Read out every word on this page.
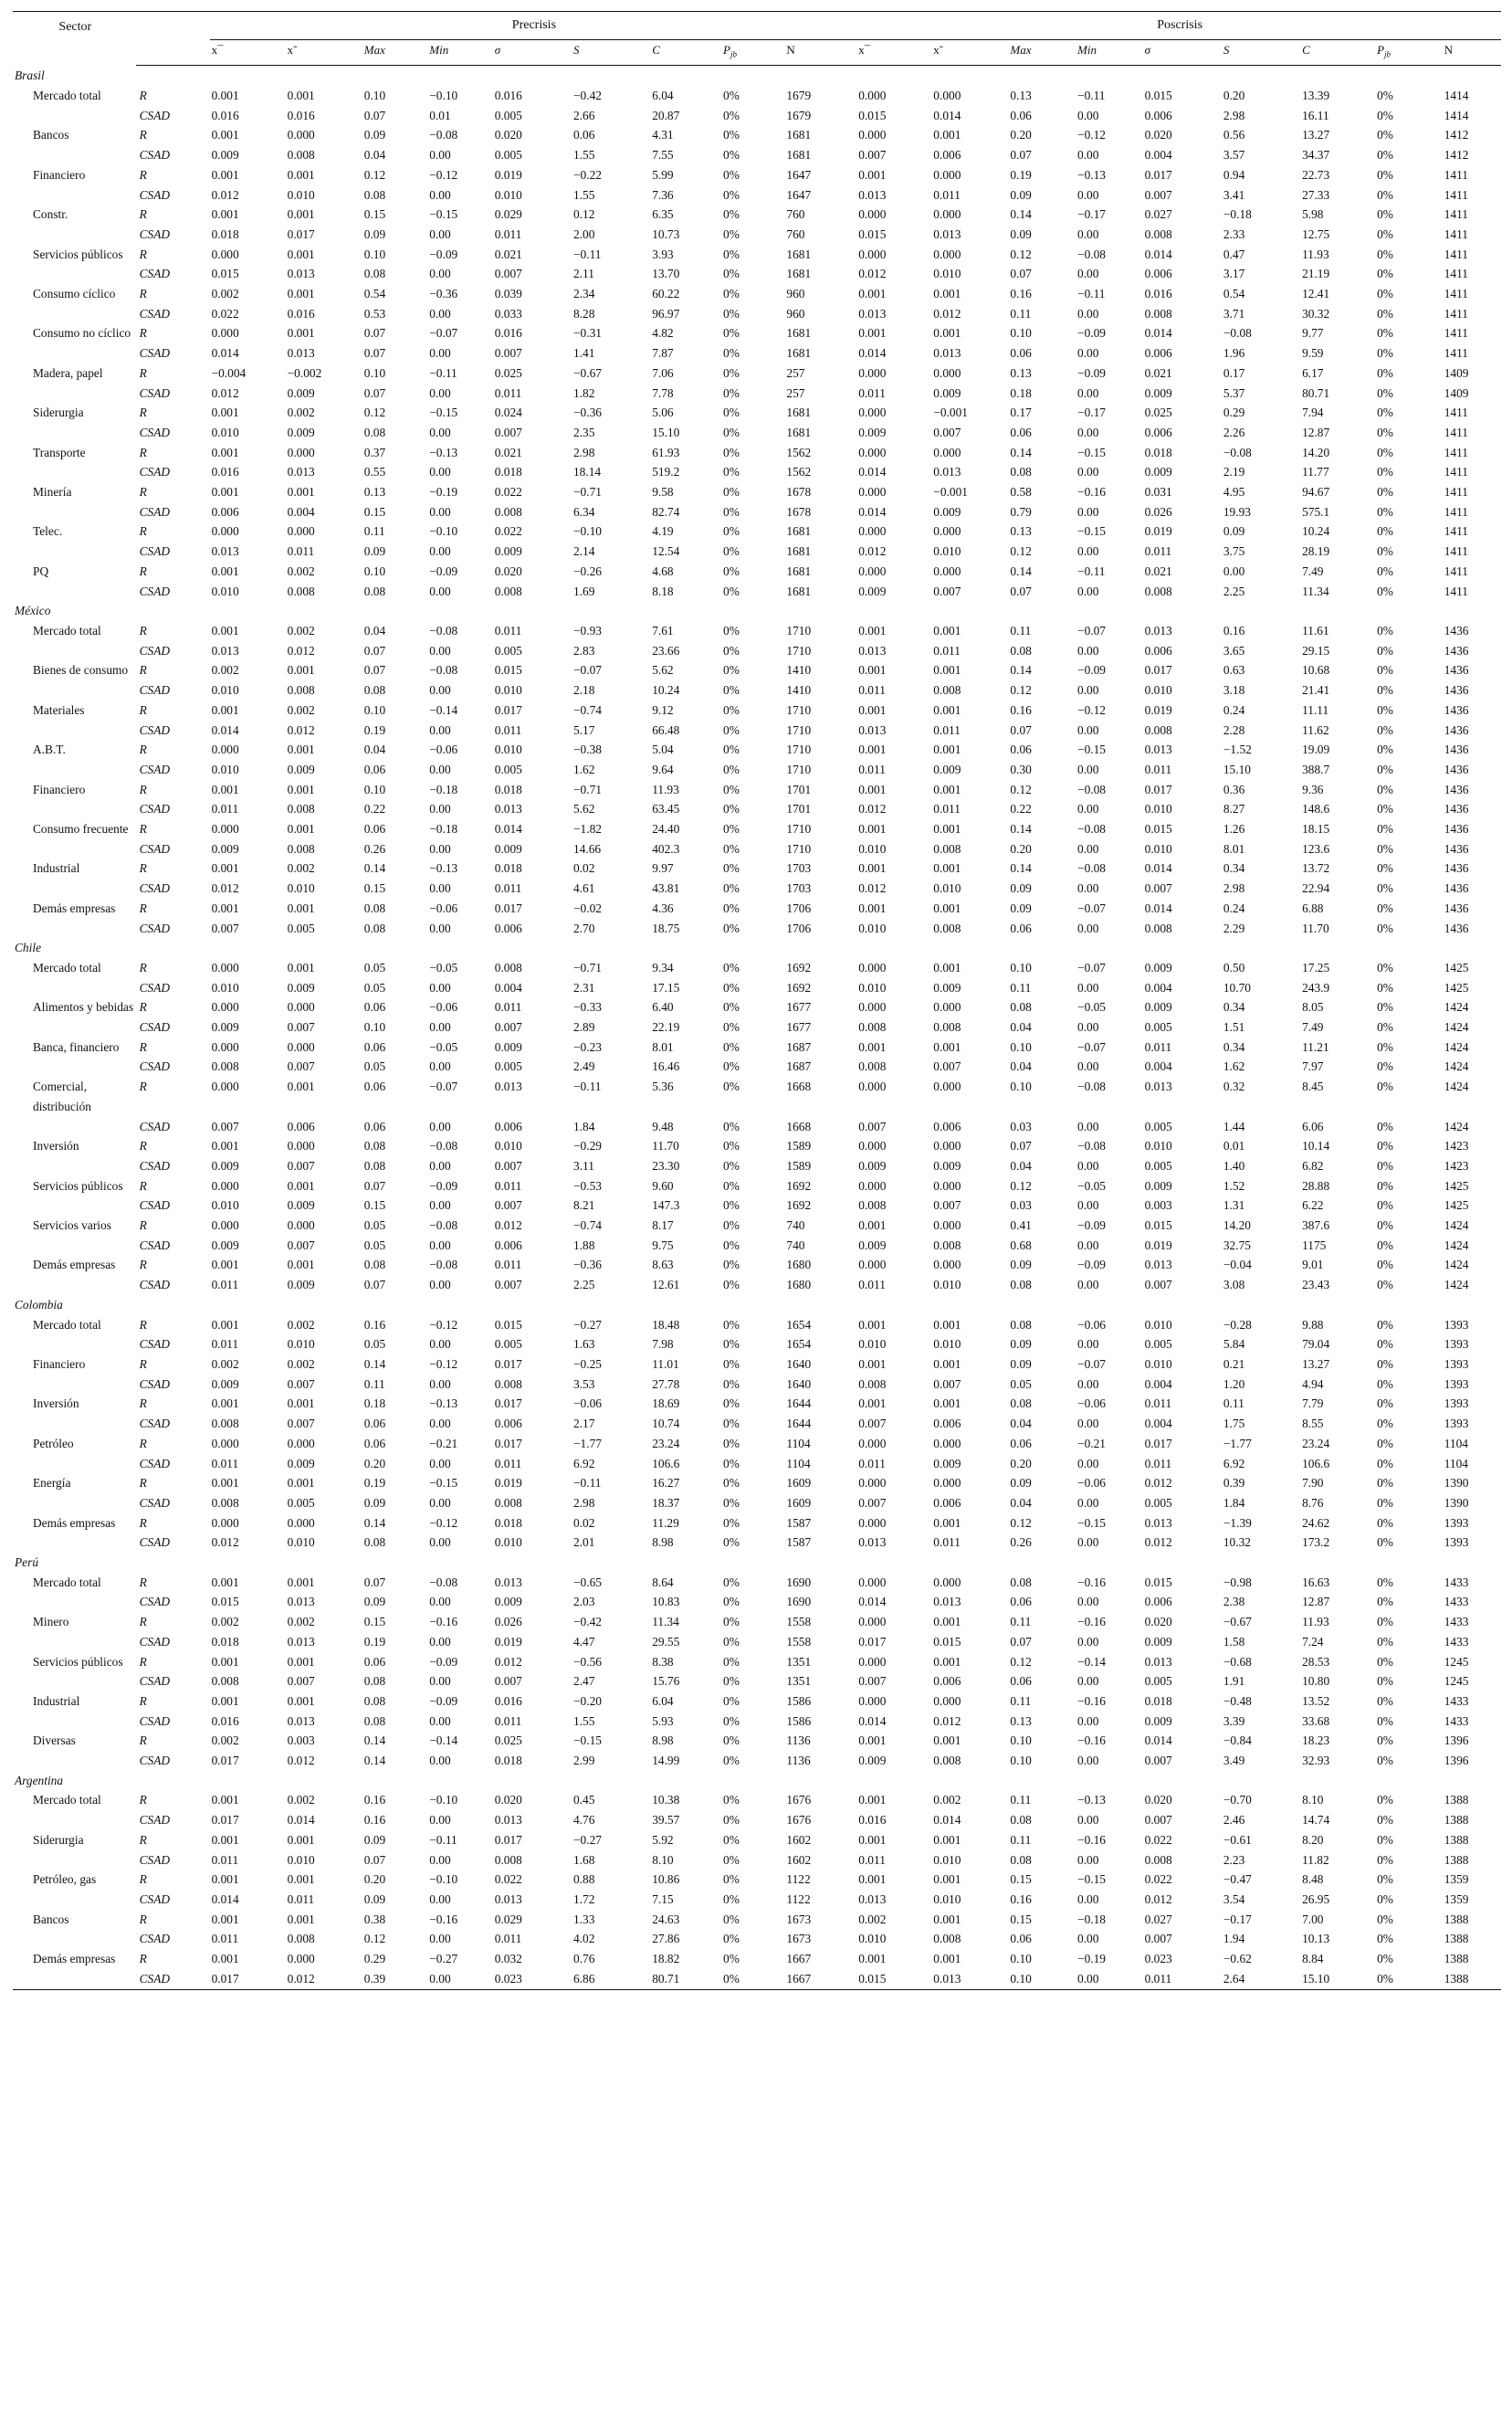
Sector		Precrisis									Poscrisis								
		x¯	x˜	Max	Min	σ	S	C	$P_{jb}$	N	x¯	x˜	Max	Min	σ	S	C	$P_{jb}$	N
Brasil																			
Mercado total	R	0.001	0.001	0.10	−0.10	0.016	−0.42	6.04	0%	1679	0.000	0.000	0.13	−0.11	0.015	0.20	13.39	0%	1414
	CSAD	0.016	0.016	0.07	0.01	0.005	2.66	20.87	0%	1679	0.015	0.014	0.06	0.00	0.006	2.98	16.11	0%	1414
Bancos	R	0.001	0.000	0.09	−0.08	0.020	0.06	4.31	0%	1681	0.000	0.001	0.20	−0.12	0.020	0.56	13.27	0%	1412
	CSAD	0.009	0.008	0.04	0.00	0.005	1.55	7.55	0%	1681	0.007	0.006	0.07	0.00	0.004	3.57	34.37	0%	1412
Financiero	R	0.001	0.001	0.12	−0.12	0.019	−0.22	5.99	0%	1647	0.001	0.000	0.19	−0.13	0.017	0.94	22.73	0%	1411
	CSAD	0.012	0.010	0.08	0.00	0.010	1.55	7.36	0%	1647	0.013	0.011	0.09	0.00	0.007	3.41	27.33	0%	1411
Constr.	R	0.001	0.001	0.15	−0.15	0.029	0.12	6.35	0%	760	0.000	0.000	0.14	−0.17	0.027	−0.18	5.98	0%	1411
	CSAD	0.018	0.017	0.09	0.00	0.011	2.00	10.73	0%	760	0.015	0.013	0.09	0.00	0.008	2.33	12.75	0%	1411
Servicios públicos	R	0.000	0.001	0.10	−0.09	0.021	−0.11	3.93	0%	1681	0.000	0.000	0.12	−0.08	0.014	0.47	11.93	0%	1411
	CSAD	0.015	0.013	0.08	0.00	0.007	2.11	13.70	0%	1681	0.012	0.010	0.07	0.00	0.006	3.17	21.19	0%	1411
Consumo cíclico	R	0.002	0.001	0.54	−0.36	0.039	2.34	60.22	0%	960	0.001	0.001	0.16	−0.11	0.016	0.54	12.41	0%	1411
	CSAD	0.022	0.016	0.53	0.00	0.033	8.28	96.97	0%	960	0.013	0.012	0.11	0.00	0.008	3.71	30.32	0%	1411
Consumo no cíclico	R	0.000	0.001	0.07	−0.07	0.016	−0.31	4.82	0%	1681	0.001	0.001	0.10	−0.09	0.014	−0.08	9.77	0%	1411
	CSAD	0.014	0.013	0.07	0.00	0.007	1.41	7.87	0%	1681	0.014	0.013	0.06	0.00	0.006	1.96	9.59	0%	1411
Madera, papel	R	−0.004	−0.002	0.10	−0.11	0.025	−0.67	7.06	0%	257	0.000	0.000	0.13	−0.09	0.021	0.17	6.17	0%	1409
	CSAD	0.012	0.009	0.07	0.00	0.011	1.82	7.78	0%	257	0.011	0.009	0.18	0.00	0.009	5.37	80.71	0%	1409
Siderurgia	R	0.001	0.002	0.12	−0.15	0.024	−0.36	5.06	0%	1681	0.000	−0.001	0.17	−0.17	0.025	0.29	7.94	0%	1411
	CSAD	0.010	0.009	0.08	0.00	0.007	2.35	15.10	0%	1681	0.009	0.007	0.06	0.00	0.006	2.26	12.87	0%	1411
Transporte	R	0.001	0.000	0.37	−0.13	0.021	2.98	61.93	0%	1562	0.000	0.000	0.14	−0.15	0.018	−0.08	14.20	0%	1411
	CSAD	0.016	0.013	0.55	0.00	0.018	18.14	519.2	0%	1562	0.014	0.013	0.08	0.00	0.009	2.19	11.77	0%	1411
Minería	R	0.001	0.001	0.13	−0.19	0.022	−0.71	9.58	0%	1678	0.000	−0.001	0.58	−0.16	0.031	4.95	94.67	0%	1411
	CSAD	0.006	0.004	0.15	0.00	0.008	6.34	82.74	0%	1678	0.014	0.009	0.79	0.00	0.026	19.93	575.1	0%	1411
Telec.	R	0.000	0.000	0.11	−0.10	0.022	−0.10	4.19	0%	1681	0.000	0.000	0.13	−0.15	0.019	0.09	10.24	0%	1411
	CSAD	0.013	0.011	0.09	0.00	0.009	2.14	12.54	0%	1681	0.012	0.010	0.12	0.00	0.011	3.75	28.19	0%	1411
PQ	R	0.001	0.002	0.10	−0.09	0.020	−0.26	4.68	0%	1681	0.000	0.000	0.14	−0.11	0.021	0.00	7.49	0%	1411
	CSAD	0.010	0.008	0.08	0.00	0.008	1.69	8.18	0%	1681	0.009	0.007	0.07	0.00	0.008	2.25	11.34	0%	1411
México																			
Mercado total	R	0.001	0.002	0.04	−0.08	0.011	−0.93	7.61	0%	1710	0.001	0.001	0.11	−0.07	0.013	0.16	11.61	0%	1436
	CSAD	0.013	0.012	0.07	0.00	0.005	2.83	23.66	0%	1710	0.013	0.011	0.08	0.00	0.006	3.65	29.15	0%	1436
Bienes de consumo	R	0.002	0.001	0.07	−0.08	0.015	−0.07	5.62	0%	1410	0.001	0.001	0.14	−0.09	0.017	0.63	10.68	0%	1436
	CSAD	0.010	0.008	0.08	0.00	0.010	2.18	10.24	0%	1410	0.011	0.008	0.12	0.00	0.010	3.18	21.41	0%	1436
Materiales	R	0.001	0.002	0.10	−0.14	0.017	−0.74	9.12	0%	1710	0.001	0.001	0.16	−0.12	0.019	0.24	11.11	0%	1436
	CSAD	0.014	0.012	0.19	0.00	0.011	5.17	66.48	0%	1710	0.013	0.011	0.07	0.00	0.008	2.28	11.62	0%	1436
A.B.T.	R	0.000	0.001	0.04	−0.06	0.010	−0.38	5.04	0%	1710	0.001	0.001	0.06	−0.15	0.013	−1.52	19.09	0%	1436
	CSAD	0.010	0.009	0.06	0.00	0.005	1.62	9.64	0%	1710	0.011	0.009	0.30	0.00	0.011	15.10	388.7	0%	1436
Financiero	R	0.001	0.001	0.10	−0.18	0.018	−0.71	11.93	0%	1701	0.001	0.001	0.12	−0.08	0.017	0.36	9.36	0%	1436
	CSAD	0.011	0.008	0.22	0.00	0.013	5.62	63.45	0%	1701	0.012	0.011	0.22	0.00	0.010	8.27	148.6	0%	1436
Consumo frecuente	R	0.000	0.001	0.06	−0.18	0.014	−1.82	24.40	0%	1710	0.001	0.001	0.14	−0.08	0.015	1.26	18.15	0%	1436
	CSAD	0.009	0.008	0.26	0.00	0.009	14.66	402.3	0%	1710	0.010	0.008	0.20	0.00	0.010	8.01	123.6	0%	1436
Industrial	R	0.001	0.002	0.14	−0.13	0.018	0.02	9.97	0%	1703	0.001	0.001	0.14	−0.08	0.014	0.34	13.72	0%	1436
	CSAD	0.012	0.010	0.15	0.00	0.011	4.61	43.81	0%	1703	0.012	0.010	0.09	0.00	0.007	2.98	22.94	0%	1436
Demás empresas	R	0.001	0.001	0.08	−0.06	0.017	−0.02	4.36	0%	1706	0.001	0.001	0.09	−0.07	0.014	0.24	6.88	0%	1436
	CSAD	0.007	0.005	0.08	0.00	0.006	2.70	18.75	0%	1706	0.010	0.008	0.06	0.00	0.008	2.29	11.70	0%	1436
Chile																			
Mercado total	R	0.000	0.001	0.05	−0.05	0.008	−0.71	9.34	0%	1692	0.000	0.001	0.10	−0.07	0.009	0.50	17.25	0%	1425
	CSAD	0.010	0.009	0.05	0.00	0.004	2.31	17.15	0%	1692	0.010	0.009	0.11	0.00	0.004	10.70	243.9	0%	1425
Alimentos y bebidas	R	0.000	0.000	0.06	−0.06	0.011	−0.33	6.40	0%	1677	0.000	0.000	0.08	−0.05	0.009	0.34	8.05	0%	1424
	CSAD	0.009	0.007	0.10	0.00	0.007	2.89	22.19	0%	1677	0.008	0.008	0.04	0.00	0.005	1.51	7.49	0%	1424
Banca, financiero	R	0.000	0.000	0.06	−0.05	0.009	−0.23	8.01	0%	1687	0.001	0.001	0.10	−0.07	0.011	0.34	11.21	0%	1424
	CSAD	0.008	0.007	0.05	0.00	0.005	2.49	16.46	0%	1687	0.008	0.007	0.04	0.00	0.004	1.62	7.97	0%	1424
Comercial, distribución	R	0.000	0.001	0.06	−0.07	0.013	−0.11	5.36	0%	1668	0.000	0.000	0.10	−0.08	0.013	0.32	8.45	0%	1424
	CSAD	0.007	0.006	0.06	0.00	0.006	1.84	9.48	0%	1668	0.007	0.006	0.03	0.00	0.005	1.44	6.06	0%	1424
Inversión	R	0.001	0.000	0.08	−0.08	0.010	−0.29	11.70	0%	1589	0.000	0.000	0.07	−0.08	0.010	0.01	10.14	0%	1423
	CSAD	0.009	0.007	0.08	0.00	0.007	3.11	23.30	0%	1589	0.009	0.009	0.04	0.00	0.005	1.40	6.82	0%	1423
Servicios públicos	R	0.000	0.001	0.07	−0.09	0.011	−0.53	9.60	0%	1692	0.000	0.000	0.12	−0.05	0.009	1.52	28.88	0%	1425
	CSAD	0.010	0.009	0.15	0.00	0.007	8.21	147.3	0%	1692	0.008	0.007	0.03	0.00	0.003	1.31	6.22	0%	1425
Servicios varios	R	0.000	0.000	0.05	−0.08	0.012	−0.74	8.17	0%	740	0.001	0.000	0.41	−0.09	0.015	14.20	387.6	0%	1424
	CSAD	0.009	0.007	0.05	0.00	0.006	1.88	9.75	0%	740	0.009	0.008	0.68	0.00	0.019	32.75	1175	0%	1424
Demás empresas	R	0.001	0.001	0.08	−0.08	0.011	−0.36	8.63	0%	1680	0.000	0.000	0.09	−0.09	0.013	−0.04	9.01	0%	1424
	CSAD	0.011	0.009	0.07	0.00	0.007	2.25	12.61	0%	1680	0.011	0.010	0.08	0.00	0.007	3.08	23.43	0%	1424
Colombia																			
Mercado total	R	0.001	0.002	0.16	−0.12	0.015	−0.27	18.48	0%	1654	0.001	0.001	0.08	−0.06	0.010	−0.28	9.88	0%	1393
	CSAD	0.011	0.010	0.05	0.00	0.005	1.63	7.98	0%	1654	0.010	0.010	0.09	0.00	0.005	5.84	79.04	0%	1393
Financiero	R	0.002	0.002	0.14	−0.12	0.017	−0.25	11.01	0%	1640	0.001	0.001	0.09	−0.07	0.010	0.21	13.27	0%	1393
	CSAD	0.009	0.007	0.11	0.00	0.008	3.53	27.78	0%	1640	0.008	0.007	0.05	0.00	0.004	1.20	4.94	0%	1393
Inversión	R	0.001	0.001	0.18	−0.13	0.017	−0.06	18.69	0%	1644	0.001	0.001	0.08	−0.06	0.011	0.11	7.79	0%	1393
	CSAD	0.008	0.007	0.06	0.00	0.006	2.17	10.74	0%	1644	0.007	0.006	0.04	0.00	0.004	1.75	8.55	0%	1393
Petróleo	R	0.000	0.000	0.06	−0.21	0.017	−1.77	23.24	0%	1104	0.000	0.000	0.06	−0.21	0.017	−1.77	23.24	0%	1104
	CSAD	0.011	0.009	0.20	0.00	0.011	6.92	106.6	0%	1104	0.011	0.009	0.20	0.00	0.011	6.92	106.6	0%	1104
Energía	R	0.001	0.001	0.19	−0.15	0.019	−0.11	16.27	0%	1609	0.000	0.000	0.09	−0.06	0.012	0.39	7.90	0%	1390
	CSAD	0.008	0.005	0.09	0.00	0.008	2.98	18.37	0%	1609	0.007	0.006	0.04	0.00	0.005	1.84	8.76	0%	1390
Demás empresas	R	0.000	0.000	0.14	−0.12	0.018	0.02	11.29	0%	1587	0.000	0.001	0.12	−0.15	0.013	−1.39	24.62	0%	1393
	CSAD	0.012	0.010	0.08	0.00	0.010	2.01	8.98	0%	1587	0.013	0.011	0.26	0.00	0.012	10.32	173.2	0%	1393
Perú																			
Mercado total	R	0.001	0.001	0.07	−0.08	0.013	−0.65	8.64	0%	1690	0.000	0.000	0.08	−0.16	0.015	−0.98	16.63	0%	1433
	CSAD	0.015	0.013	0.09	0.00	0.009	2.03	10.83	0%	1690	0.014	0.013	0.06	0.00	0.006	2.38	12.87	0%	1433
Minero	R	0.002	0.002	0.15	−0.16	0.026	−0.42	11.34	0%	1558	0.000	0.001	0.11	−0.16	0.020	−0.67	11.93	0%	1433
	CSAD	0.018	0.013	0.19	0.00	0.019	4.47	29.55	0%	1558	0.017	0.015	0.07	0.00	0.009	1.58	7.24	0%	1433
Servicios públicos	R	0.001	0.001	0.06	−0.09	0.012	−0.56	8.38	0%	1351	0.000	0.001	0.12	−0.14	0.013	−0.68	28.53	0%	1245
	CSAD	0.008	0.007	0.08	0.00	0.007	2.47	15.76	0%	1351	0.007	0.006	0.06	0.00	0.005	1.91	10.80	0%	1245
Industrial	R	0.001	0.001	0.08	−0.09	0.016	−0.20	6.04	0%	1586	0.000	0.000	0.11	−0.16	0.018	−0.48	13.52	0%	1433
	CSAD	0.016	0.013	0.08	0.00	0.011	1.55	5.93	0%	1586	0.014	0.012	0.13	0.00	0.009	3.39	33.68	0%	1433
Diversas	R	0.002	0.003	0.14	−0.14	0.025	−0.15	8.98	0%	1136	0.001	0.001	0.10	−0.16	0.014	−0.84	18.23	0%	1396
	CSAD	0.017	0.012	0.14	0.00	0.018	2.99	14.99	0%	1136	0.009	0.008	0.10	0.00	0.007	3.49	32.93	0%	1396
Argentina																			
Mercado total	R	0.001	0.002	0.16	−0.10	0.020	0.45	10.38	0%	1676	0.001	0.002	0.11	−0.13	0.020	−0.70	8.10	0%	1388
	CSAD	0.017	0.014	0.16	0.00	0.013	4.76	39.57	0%	1676	0.016	0.014	0.08	0.00	0.007	2.46	14.74	0%	1388
Siderurgia	R	0.001	0.001	0.09	−0.11	0.017	−0.27	5.92	0%	1602	0.001	0.001	0.11	−0.16	0.022	−0.61	8.20	0%	1388
	CSAD	0.011	0.010	0.07	0.00	0.008	1.68	8.10	0%	1602	0.011	0.010	0.08	0.00	0.008	2.23	11.82	0%	1388
Petróleo, gas	R	0.001	0.001	0.20	−0.10	0.022	0.88	10.86	0%	1122	0.001	0.001	0.15	−0.15	0.022	−0.47	8.48	0%	1359
	CSAD	0.014	0.011	0.09	0.00	0.013	1.72	7.15	0%	1122	0.013	0.010	0.16	0.00	0.012	3.54	26.95	0%	1359
Bancos	R	0.001	0.001	0.38	−0.16	0.029	1.33	24.63	0%	1673	0.002	0.001	0.15	−0.18	0.027	−0.17	7.00	0%	1388
	CSAD	0.011	0.008	0.12	0.00	0.011	4.02	27.86	0%	1673	0.010	0.008	0.06	0.00	0.007	1.94	10.13	0%	1388
Demás empresas	R	0.001	0.000	0.29	−0.27	0.032	0.76	18.82	0%	1667	0.001	0.001	0.10	−0.19	0.023	−0.62	8.84	0%	1388
	CSAD	0.017	0.012	0.39	0.00	0.023	6.86	80.71	0%	1667	0.015	0.013	0.10	0.00	0.011	2.64	15.10	0%	1388
